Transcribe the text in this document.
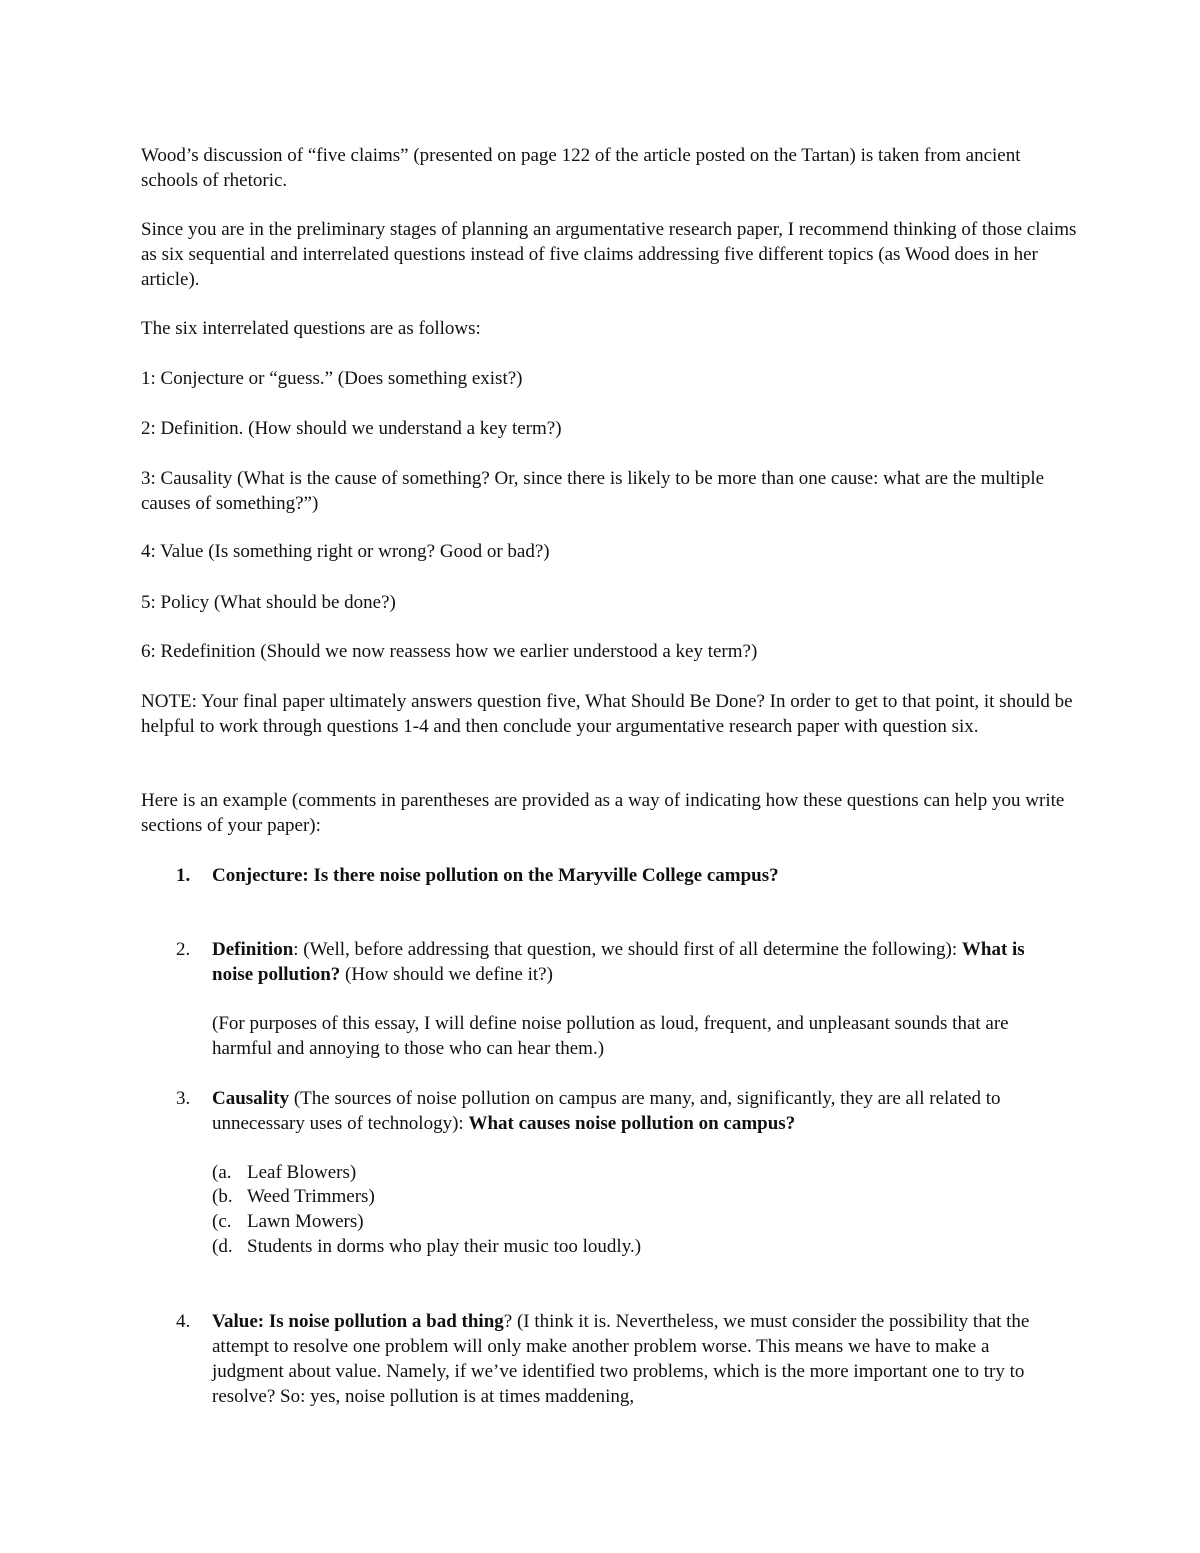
Wood’s discussion of “five claims” (presented on page 122 of the article posted on the Tartan) is taken from ancient schools of rhetoric.

Since you are in the preliminary stages of planning an argumentative research paper, I recommend thinking of those claims as six sequential and interrelated questions instead of five claims addressing five different topics (as Wood does in her article).

The six interrelated questions are as follows:

1: Conjecture or “guess.” (Does something exist?)

2: Definition. (How should we understand a key term?)

3: Causality (What is the cause of something? Or, since there is likely to be more than one cause: what are the multiple causes of something?”)

4: Value (Is something right or wrong? Good or bad?)

5: Policy (What should be done?)

6: Redefinition (Should we now reassess how we earlier understood a key term?)

NOTE: Your final paper ultimately answers question five, What Should Be Done? In order to get to that point, it should be helpful to work through questions 1-4 and then conclude your argumentative research paper with question six.

Here is an example (comments in parentheses are provided as a way of indicating how these questions can help you write sections of your paper):

1.	Conjecture: Is there noise pollution on the Maryville College campus?
2.	Definition: (Well, before addressing that question, we should first of all determine the following): What is noise pollution? (How should we define it?)

(For purposes of this essay, I will define noise pollution as loud, frequent, and unpleasant sounds that are harmful and annoying to those who can hear them.)

3.	Causality (The sources of noise pollution on campus are many, and, significantly, they are all related to unnecessary uses of technology): What causes noise pollution on campus?

(a. Leaf Blowers)

(b. Weed Trimmers)

(c. Lawn Mowers)

(d. Students in dorms who play their music too loudly.)

4.	Value: Is noise pollution a bad thing? (I think it is. Nevertheless, we must consider the possibility that the attempt to resolve one problem will only make another problem worse. This means we have to make a judgment about value. Namely, if we’ve identified two problems, which is the more important one to try to resolve? So: yes, noise pollution is at times maddening,
